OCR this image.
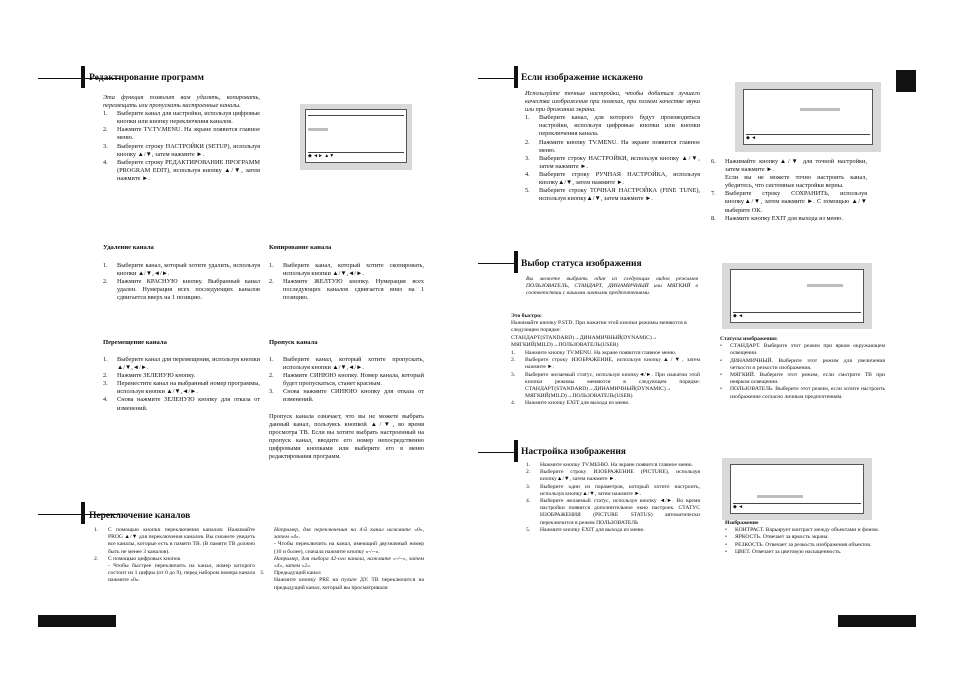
Редактирование программ

Эта функция позволит вам удалять, копировать, перемещать или пропускать настроенные каналы.

1. Выберите канал для настройки, используя цифровые кнопки или кнопку переключения каналов.
2. Нажмите TV.TV.MENU. На экране появится главное меню.
3. Выберите строку НАСТРОЙКИ (SETUP), используя кнопку ▲/▼, затем нажмите ►.
4. Выберите строку РЕДАКТИРОВАНИЕ ПРОГРАММ (PROGRAM EDIT), используя кнопку ▲/▼, затем нажмите ►.
◆ ◄► ▲▼
Удаление канала
1. Выберите канал, который хотите удалить, используя кнопки ▲/▼,◄/►.
2. Нажмите КРАСНУЮ кнопку. Выбранный канал удален. Нумерация всех последующих каналов сдвигается вверх на 1 позицию.
Копирование канала
1. Выберите канал, который хотите скопировать, используя кнопки ▲/▼,◄/►.
2. Нажмите ЖЕЛТУЮ кнопку. Нумерация всех последующих каналов сдвигается вниз на 1 позицию.
Перемещение канала
1. Выберите канал для перемещения, используя кнопки ▲/▼,◄/►.
2. Нажмите ЗЕЛЕНУЮ кнопку.
3. Переместите канал на выбранный номер программы, используя кнопки ▲/▼,◄/►.
4. Снова нажмите ЗЕЛЕНУЮ кнопку для отказа от изменений.
Пропуск канала
1. Выберите канал, который хотите пропускать, используя кнопки ▲/▼,◄/►.
2. Нажмите СИНЮЮ кнопку. Номер канала, который будет пропускаться, станет красным.
3. Снова нажмите СИНЮЮ кнопку для отказа от изменений.

Пропуск канала означает, что вы не можете выбрать данный канал, пользуясь кнопкой ▲/▼, во время просмотра ТВ. Если вы хотите выбрать настроенный на пропуск канал, вводите его номер непосредственно цифровыми кнопками или выберите его в меню редактирования программ.

Переключение каналов
1. С помощью кнопки переключения каналов: Нажимайте PROG ▲/▼ для переключения каналов. Вы сможете увидеть все каналы, которые есть в памяти ТВ. (В памяти ТВ должно быть не менее 3 каналов).
2. С помощью цифровых кнопок
- Чтобы быстрее переключить на канал, номер которого состоит из 1 цифры (от 0 до 9), перед набором номера канала нажмите «0».
Например, для переключения на 4-й канал нажмите «0», затем «4».
- Чтобы переключить на канал, имеющий двузначный номер (10 и более), сначала нажмите кнопку «-/--».
Например, для выбора 42-ого канала, нажмите «-/--», затем «4», затем «2».
3. Предыдущий канал
Нажмите кнопку PRE на пульте ДУ. ТВ переключится на предыдущий канал, который вы просматривали
Если изображение искажено

Используйте точные настройки, чтобы добиться лучшего качества изображения при помехах, при плохом качестве звука или при дрожании экрана.

1. Выберите канал, для которого будут производиться настройки, используя цифровые кнопки или кнопки переключения канала.
2. Нажмите кнопку TV.MENU. На экране появится главное меню.
3. Выберите строку НАСТРОЙКИ, используя кнопку ▲/▼, затем нажмите ►.
4. Выберите строку РУЧНАЯ НАСТРОЙКА, используя кнопку▲/▼, затем нажмите ►.
5. Выберите строку ТОЧНАЯ НАСТРОЙКА (FINE TUNE), используя кнопку▲/▼, затем нажмите ►.
◆ ◄
6. Нажимайте кнопку▲/▼ для точной настройки, затем нажмите ►.
Если вы не можете точно настроить канал, убедитесь, что системные настройки верны.
7. Выберите строку СОХРАНИТЬ, используя кнопку▲/▼, затем нажмите ►. С помощью ▲/▼ выберите OK.
8. Нажмите кнопку EXIT для выхода из меню.
Выбор статуса изображения

Вы можете выбрать один из следующих видов режимов ПОЛЬЗОВАТЕЛЬ, СТАНДАРТ, ДИНАМИЧНЫЙ или МЯГКИЙ в соответствии с вашими личными предпочтениями.

Это быстро:

Нажимайте кнопку P.STD. При нажатии этой кнопки режимы меняются в следующем порядке: СТАНДАРТ(STANDARD)→ДИНАМИЧНЫЙ(DYNAMIC)→ МЯГКИЙ(MILD)→ПОЛЬЗОВАТЕЛЬ(USER)

1. Нажмите кнопку TV.MENU. На экране появится главное меню.
2. Выберите строку ИЗОБРАЖЕНИЕ, используя кнопку▲/▼, затем нажмите ►.
3. Выберите желаемый статус, используя кнопку◄/►. При нажатии этой кнопки режимы меняются в следующем порядке: СТАНДАРТ(STANDARD)→ДИНАМИЧНЫЙ(DYNAMIC)→ МЯГКИЙ(MILD)→ПОЛЬЗОВАТЕЛЬ(USER)
4. Нажмите кнопку EXIT для выхода из меню.
◆ ◄

Статусы изображения:

• СТАНДАРТ. Выберите этот режим при ярком окружающем освещении.
• ДИНАМИЧНЫЙ. Выберите этот режим для увеличения четкости и резкости изображения.
• МЯГКИЙ. Выберите этот режим, если смотрите ТВ при неярком освещении.
• ПОЛЬЗОВАТЕЛЬ. Выберите этот режим, если хотите настроить изображение согласно личным предпочтениям.
Настройка изображения
1. Нажмите кнопку TV.MEHЮ. На экране появится главное меню.
2. Выберите строку ИЗОБРАЖЕНИЕ (PICTURE), используя кнопку▲/▼, затем нажмите ►.
3. Выберите один из параметров, который хотите настроить, используя кнопку▲/▼, затем нажмите ►.
4. Выберите желаемый статус, используя кнопку ◄/►. Во время настройки появится дополнительное окно настроек. СТАТУС ИЗОБРАЖЕНИЯ (PICTURE STATUS) автоматически переключится в режим ПОЛЬЗОВАТЕЛЬ
5. Нажмите кнопку EXIT для выхода из меню.
◆ ◄

Изображение

• КОНТРАСТ. Варьирует контраст между объектами и фоном.
• ЯРКОСТЬ. Отвечает за яркость экрана.
• РЕЗКОСТЬ. Отвечает за резкость изображения объектов.
• ЦВЕТ. Отвечает за цветовую насыщенность.
